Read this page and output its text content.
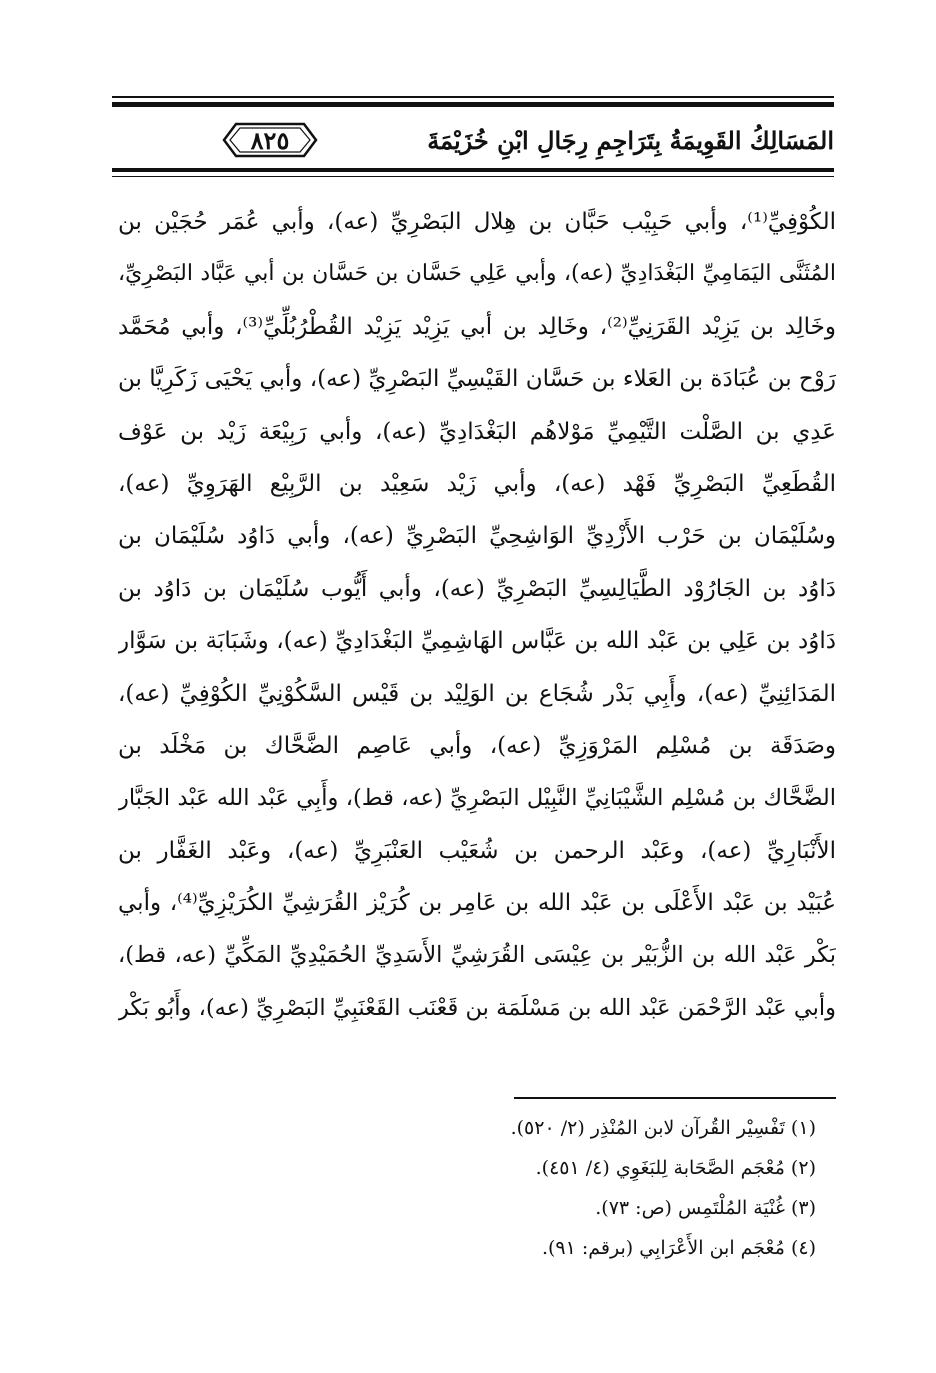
المَسَالِكُ القَوِيمَةُ بِتَرَاجِمِ رِجَالِ ابْنِ خُزَيْمَةَ
٨٢٥
الكُوْفِيِّ⁽¹⁾، وأبي حَبِيْب حَبَّان بن هِلال البَصْرِيِّ (عه)، وأبي عُمَر حُجَيْن بن
المُثَنَّى اليَمَامِيِّ البَغْدَادِيِّ (عه)، وأبي عَلِي حَسَّان بن حَسَّان بن أبي عَبَّاد البَصْرِيِّ،
وخَالِد بن يَزِيْد القَرَنِيِّ⁽²⁾، وخَالِد بن أبي يَزِيْد يَزِيْد القُطْرُبُلِّيِّ⁽³⁾، وأبي مُحَمَّد
رَوْح بن عُبَادَة بن العَلاء بن حَسَّان القَيْسِيِّ البَصْرِيِّ (عه)، وأبي يَحْيَى زَكَرِيَّا بن
عَدِي بن الصَّلْت التَّيْمِيِّ مَوْلاهُم البَغْدَادِيِّ (عه)، وأبي رَبِيْعَة زَيْد بن عَوْف
القُطَعِيِّ البَصْرِيِّ فَهْد (عه)، وأبي زَيْد سَعِيْد بن الرَّبِيْع الهَرَوِيِّ (عه)،
وسُلَيْمَان بن حَرْب الأَزْدِيِّ الوَاشِحِيِّ البَصْرِيِّ (عه)، وأبي دَاوُد سُلَيْمَان بن
دَاوُد بن الجَارُوْد الطَّيَالِسِيِّ البَصْرِيِّ (عه)، وأبي أَيُّوب سُلَيْمَان بن دَاوُد بن
دَاوُد بن عَلِي بن عَبْد الله بن عَبَّاس الهَاشِمِيِّ البَغْدَادِيِّ (عه)، وشَبَابَة بن سَوَّار
المَدَائِنِيِّ (عه)، وأَبِي بَدْر شُجَاع بن الوَلِيْد بن قَيْس السَّكُوْنِيِّ الكُوْفِيِّ (عه)،
وصَدَقَة بن مُسْلِم المَرْوَزِيِّ (عه)، وأبي عَاصِم الضَّحَّاك بن مَخْلَد بن
الضَّحَّاك بن مُسْلِم الشَّيْبَانِيِّ النَّبِيْل البَصْرِيِّ (عه، قط)، وأَبِي عَبْد الله عَبْد الجَبَّار
الأَنْبَارِيِّ (عه)، وعَبْد الرحمن بن شُعَيْب العَنْبَرِيِّ (عه)، وعَبْد الغَفَّار بن
عُبَيْد بن عَبْد الأَعْلَى بن عَبْد الله بن عَامِر بن كُرَيْز القُرَشِيِّ الكُرَيْزِيِّ⁽⁴⁾، وأبي
بَكْر عَبْد الله بن الزُّبَيْر بن عِيْسَى القُرَشِيِّ الأَسَدِيِّ الحُمَيْدِيِّ المَكِّيِّ (عه، قط)،
وأبي عَبْد الرَّحْمَن عَبْد الله بن مَسْلَمَة بن قَعْنَب القَعْنَبِيِّ البَصْرِيِّ (عه)، وأَبُو بَكْر
(١) تَفْسِيْر القُرآن لابن المُنْذِر (٢/ ٥٢٠).
(٢) مُعْجَم الصَّحَابة لِلبَغَوِي (٤/ ٤٥١).
(٣) غُنْيَة المُلْتَمِس (ص: ٧٣).
(٤) مُعْجَم ابن الأَعْرَابِي (برقم: ٩١).
